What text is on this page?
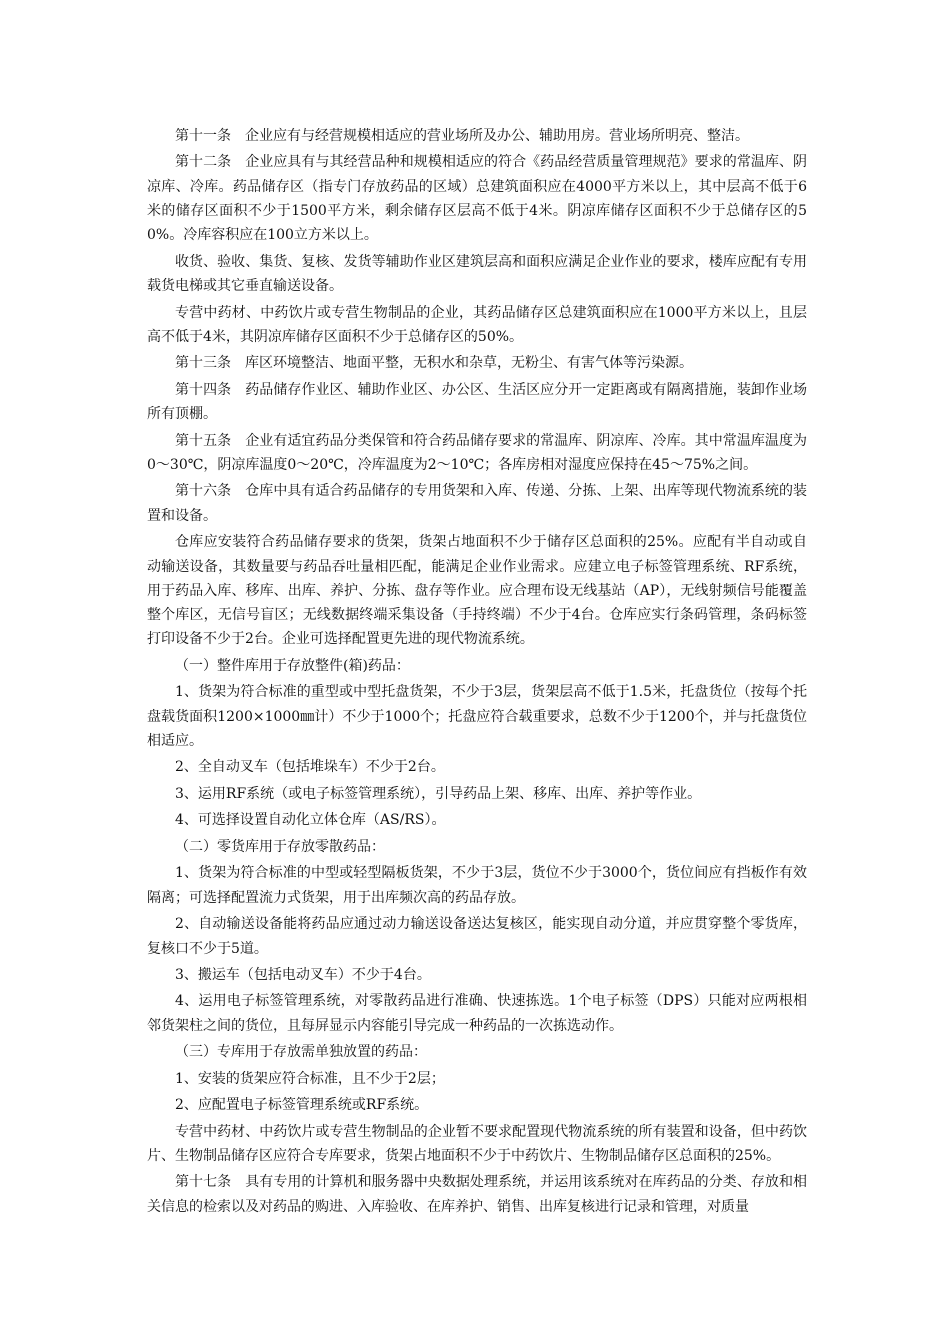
第十一条　企业应有与经营规模相适应的营业场所及办公、辅助用房。营业场所明亮、整洁。

第十二条　企业应具有与其经营品种和规模相适应的符合《药品经营质量管理规范》要求的常温库、阴凉库、冷库。药品储存区（指专门存放药品的区域）总建筑面积应在4000平方米以上，其中层高不低于6米的储存区面积不少于1500平方米，剩余储存区层高不低于4米。阴凉库储存区面积不少于总储存区的50%。冷库容积应在100立方米以上。

收货、验收、集货、复核、发货等辅助作业区建筑层高和面积应满足企业作业的要求，楼库应配有专用载货电梯或其它垂直输送设备。

专营中药材、中药饮片或专营生物制品的企业，其药品储存区总建筑面积应在1000平方米以上，且层高不低于4米，其阴凉库储存区面积不少于总储存区的50%。

第十三条　库区环境整洁、地面平整，无积水和杂草，无粉尘、有害气体等污染源。

第十四条　药品储存作业区、辅助作业区、办公区、生活区应分开一定距离或有隔离措施，装卸作业场所有顶棚。

第十五条　企业有适宜药品分类保管和符合药品储存要求的常温库、阴凉库、冷库。其中常温库温度为0～30℃，阴凉库温度0～20℃，冷库温度为2～10℃；各库房相对湿度应保持在45～75%之间。

第十六条　仓库中具有适合药品储存的专用货架和入库、传递、分拣、上架、出库等现代物流系统的装置和设备。

仓库应安装符合药品储存要求的货架，货架占地面积不少于储存区总面积的25%。应配有半自动或自动输送设备，其数量要与药品吞吐量相匹配，能满足企业作业需求。应建立电子标签管理系统、RF系统，用于药品入库、移库、出库、养护、分拣、盘存等作业。应合理布设无线基站（AP），无线射频信号能覆盖整个库区，无信号盲区；无线数据终端采集设备（手持终端）不少于4台。仓库应实行条码管理，条码标签打印设备不少于2台。企业可选择配置更先进的现代物流系统。

（一）整件库用于存放整件(箱)药品：

1、货架为符合标准的重型或中型托盘货架，不少于3层，货架层高不低于1.5米，托盘货位（按每个托盘载货面积1200×1000㎜计）不少于1000个；托盘应符合载重要求，总数不少于1200个，并与托盘货位相适应。

2、全自动叉车（包括堆垛车）不少于2台。

3、运用RF系统（或电子标签管理系统），引导药品上架、移库、出库、养护等作业。

4、可选择设置自动化立体仓库（AS/RS）。

（二）零货库用于存放零散药品：

1、货架为符合标准的中型或轻型隔板货架，不少于3层，货位不少于3000个，货位间应有挡板作有效隔离；可选择配置流力式货架，用于出库频次高的药品存放。

2、自动输送设备能将药品应通过动力输送设备送达复核区，能实现自动分道，并应贯穿整个零货库，复核口不少于5道。

3、搬运车（包括电动叉车）不少于4台。

4、运用电子标签管理系统，对零散药品进行准确、快速拣选。1个电子标签（DPS）只能对应两根相邻货架柱之间的货位，且每屏显示内容能引导完成一种药品的一次拣选动作。

（三）专库用于存放需单独放置的药品：

1、安装的货架应符合标准，且不少于2层；

2、应配置电子标签管理系统或RF系统。

专营中药材、中药饮片或专营生物制品的企业暂不要求配置现代物流系统的所有装置和设备，但中药饮片、生物制品储存区应符合专库要求，货架占地面积不少于中药饮片、生物制品储存区总面积的25%。

第十七条　具有专用的计算机和服务器中央数据处理系统，并运用该系统对在库药品的分类、存放和相关信息的检索以及对药品的购进、入库验收、在库养护、销售、出库复核进行记录和管理，对质量
